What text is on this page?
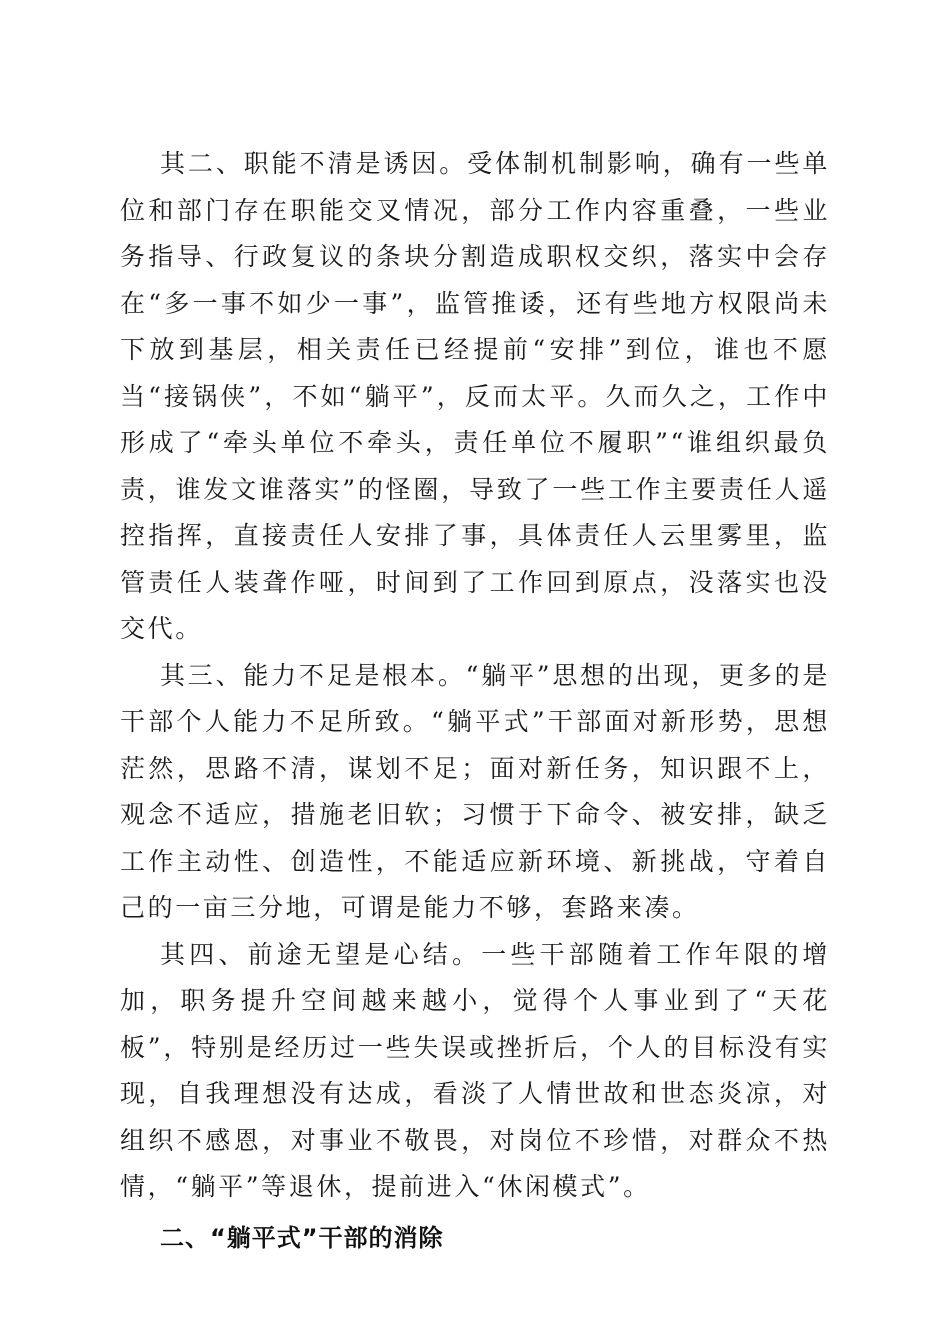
其二、职能不清是诱因。受体制机制影响，确有一些单位和部门存在职能交叉情况，部分工作内容重叠，一些业务指导、行政复议的条块分割造成职权交织，落实中会存在“多一事不如少一事”，监管推诿，还有些地方权限尚未下放到基层，相关责任已经提前“安排”到位，谁也不愿当“接锅侠”，不如“躺平”，反而太平。久而久之，工作中形成了“牵头单位不牵头，责任单位不履职”“谁组织最负责，谁发文谁落实”的怪圈，导致了一些工作主要责任人遥控指挥，直接责任人安排了事，具体责任人云里雾里，监管责任人装聋作哑，时间到了工作回到原点，没落实也没交代。

其三、能力不足是根本。“躺平”思想的出现，更多的是干部个人能力不足所致。“躺平式”干部面对新形势，思想茫然，思路不清，谋划不足；面对新任务，知识跟不上，观念不适应，措施老旧软；习惯于下命令、被安排，缺乏工作主动性、创造性，不能适应新环境、新挑战，守着自己的一亩三分地，可谓是能力不够，套路来凑。

其四、前途无望是心结。一些干部随着工作年限的增加，职务提升空间越来越小，觉得个人事业到了“天花板”，特别是经历过一些失误或挫折后，个人的目标没有实现，自我理想没有达成，看淡了人情世故和世态炎凉，对组织不感恩，对事业不敬畏，对岗位不珍惜，对群众不热情，“躺平”等退休，提前进入“休闲模式”。

二、“躺平式”干部的消除
